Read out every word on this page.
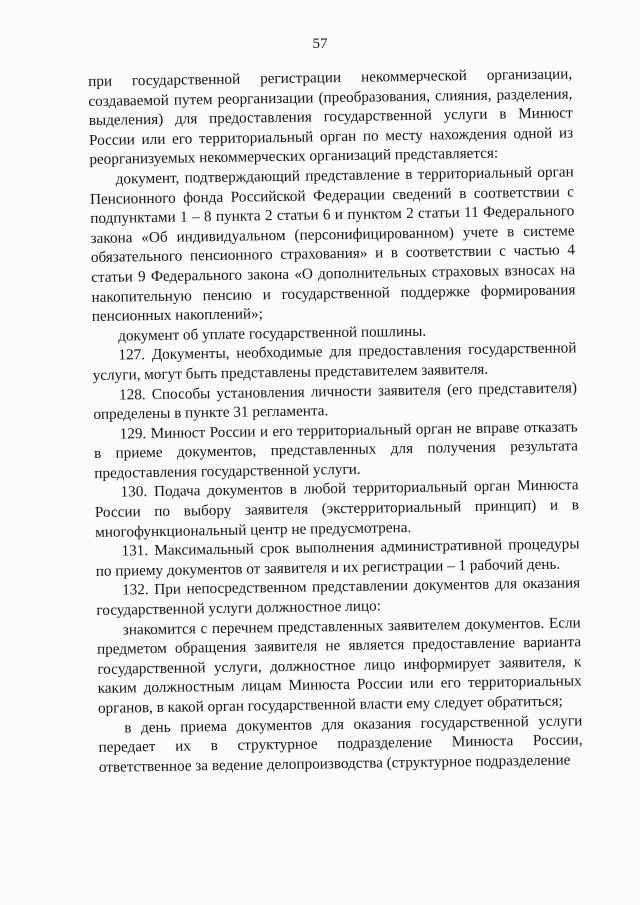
57

при государственной регистрации некоммерческой организации, создаваемой путем реорганизации (преобразования, слияния, разделения, выделения) для предоставления государственной услуги в Минюст России или его территориальный орган по месту нахождения одной из реорганизуемых некоммерческих организаций представляется:

документ, подтверждающий представление в территориальный орган Пенсионного фонда Российской Федерации сведений в соответствии с подпунктами 1 – 8 пункта 2 статьи 6 и пунктом 2 статьи 11 Федерального закона «Об индивидуальном (персонифицированном) учете в системе обязательного пенсионного страхования» и в соответствии с частью 4 статьи 9 Федерального закона «О дополнительных страховых взносах на накопительную пенсию и государственной поддержке формирования пенсионных накоплений»;

документ об уплате государственной пошлины.

127. Документы, необходимые для предоставления государственной услуги, могут быть представлены представителем заявителя.

128. Способы установления личности заявителя (его представителя) определены в пункте 31 регламента.

129. Минюст России и его территориальный орган не вправе отказать в приеме документов, представленных для получения результата предоставления государственной услуги.

130. Подача документов в любой территориальный орган Минюста России по выбору заявителя (экстерриториальный принцип) и в многофункциональный центр не предусмотрена.

131. Максимальный срок выполнения административной процедуры по приему документов от заявителя и их регистрации – 1 рабочий день.

132. При непосредственном представлении документов для оказания государственной услуги должностное лицо:

знакомится с перечнем представленных заявителем документов. Если предметом обращения заявителя не является предоставление варианта государственной услуги, должностное лицо информирует заявителя, к каким должностным лицам Минюста России или его территориальных органов, в какой орган государственной власти ему следует обратиться;

в день приема документов для оказания государственной услуги передает их в структурное подразделение Минюста России, ответственное за ведение делопроизводства (структурное подразделение
